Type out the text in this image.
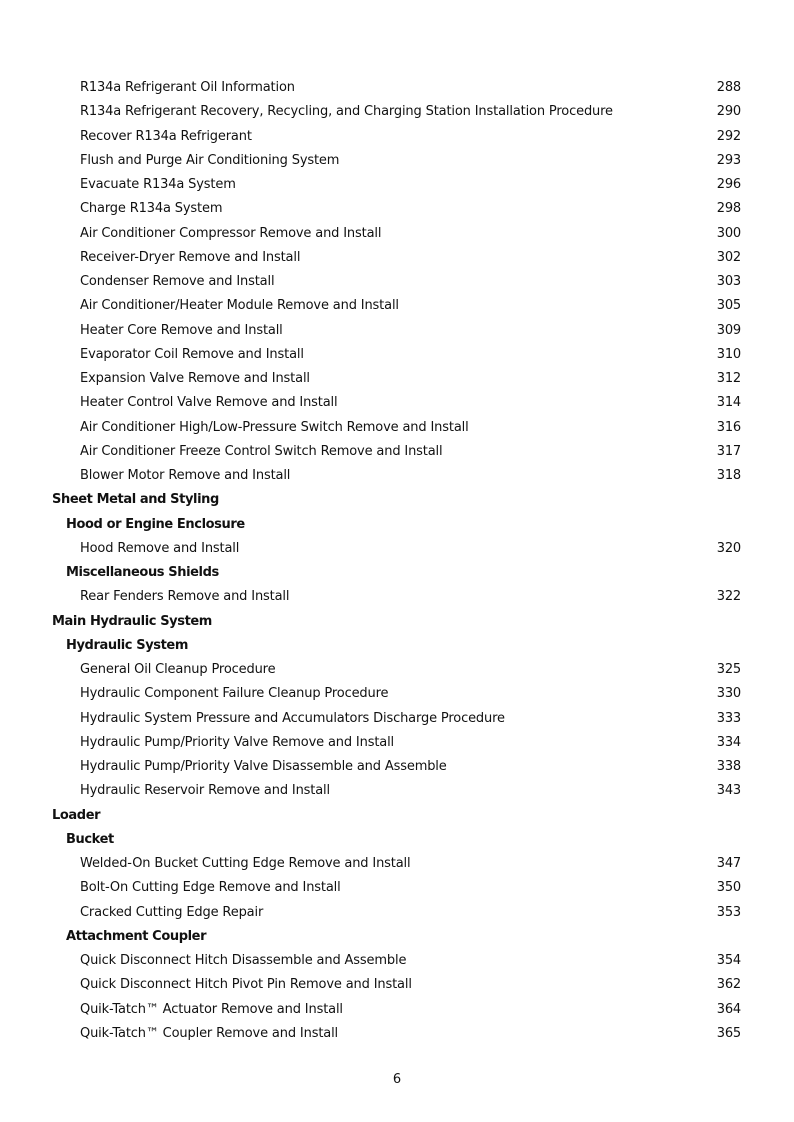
R134a Refrigerant Oil Information	288
R134a Refrigerant Recovery, Recycling, and Charging Station Installation Procedure	290
Recover R134a Refrigerant	292
Flush and Purge Air Conditioning System	293
Evacuate R134a System	296
Charge R134a System	298
Air Conditioner Compressor Remove and Install	300
Receiver-Dryer Remove and Install	302
Condenser Remove and Install	303
Air Conditioner/Heater Module Remove and Install	305
Heater Core Remove and Install	309
Evaporator Coil Remove and Install	310
Expansion Valve Remove and Install	312
Heater Control Valve Remove and Install	314
Air Conditioner High/Low-Pressure Switch Remove and Install	316
Air Conditioner Freeze Control Switch Remove and Install	317
Blower Motor Remove and Install	318
Sheet Metal and Styling
Hood or Engine Enclosure
Hood Remove and Install	320
Miscellaneous Shields
Rear Fenders Remove and Install	322
Main Hydraulic System
Hydraulic System
General Oil Cleanup Procedure	325
Hydraulic Component Failure Cleanup Procedure	330
Hydraulic System Pressure and Accumulators Discharge Procedure	333
Hydraulic Pump/Priority Valve Remove and Install	334
Hydraulic Pump/Priority Valve Disassemble and Assemble	338
Hydraulic Reservoir Remove and Install	343
Loader
Bucket
Welded-On Bucket Cutting Edge Remove and Install	347
Bolt-On Cutting Edge Remove and Install	350
Cracked Cutting Edge Repair	353
Attachment Coupler
Quick Disconnect Hitch Disassemble and Assemble	354
Quick Disconnect Hitch Pivot Pin Remove and Install	362
Quik-Tatch™ Actuator Remove and Install	364
Quik-Tatch™ Coupler Remove and Install	365
6
